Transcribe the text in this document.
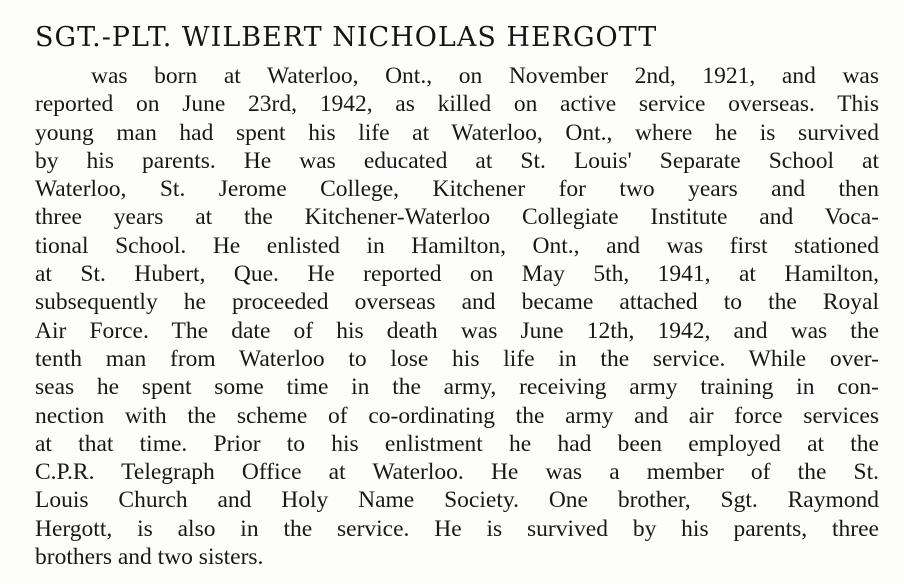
SGT.-PLT. WILBERT NICHOLAS HERGOTT
was born at Waterloo, Ont., on November 2nd, 1921, and was
reported on June 23rd, 1942, as killed on active service overseas. This
young man had spent his life at Waterloo, Ont., where he is survived
by his parents. He was educated at St. Louis' Separate School at
Waterloo, St. Jerome College, Kitchener for two years and then
three years at the Kitchener-Waterloo Collegiate Institute and Voca-
tional School. He enlisted in Hamilton, Ont., and was first stationed
at St. Hubert, Que. He reported on May 5th, 1941, at Hamilton,
subsequently he proceeded overseas and became attached to the Royal
Air Force. The date of his death was June 12th, 1942, and was the
tenth man from Waterloo to lose his life in the service. While over-
seas he spent some time in the army, receiving army training in con-
nection with the scheme of co-ordinating the army and air force services
at that time. Prior to his enlistment he had been employed at the
C.P.R. Telegraph Office at Waterloo. He was a member of the St.
Louis Church and Holy Name Society. One brother, Sgt. Raymond
Hergott, is also in the service. He is survived by his parents, three
brothers and two sisters.
